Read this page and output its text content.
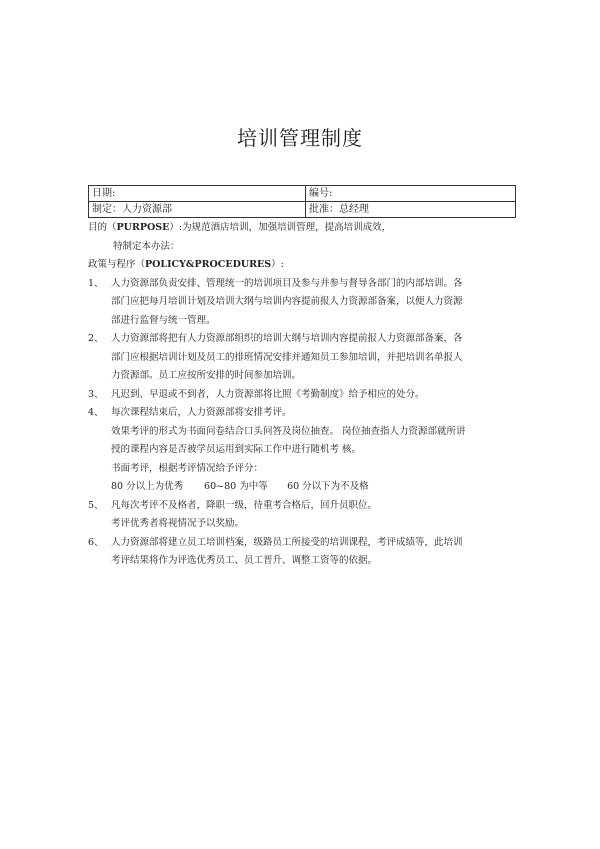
培训管理制度
日期:	编号:
制定：人力资源部	批准：总经理
目的（PURPOSE）:为规范酒店培训，加强培训管理，提高培训成效，
特制定本办法：
政策与程序（POLICY&PROCEDURES）:
1、 人力资源部负责安排、管理统一的培训项目及参与并参与督导各部门的内部培训。各
部门应把每月培训计划及培训大纲与培训内容提前报人力资源部备案，以便人力资源
部进行监督与统一管理。
2、 人力资源部将把有人力资源部组织的培训大纲与培训内容提前报人力资源部备案，各
部门应根据培训计划及员工的排班情况安排并通知员工参加培训，并把培训名单报人
力资源部。员工应按所安排的时间参加培训。
3、 凡迟到、早退或不到者，人力资源部将比照《考勤制度》给予相应的处分。
4、 每次课程结束后，人力资源部将安排考评。
效果考评的形式为书面问卷结合口头问答及岗位抽查。 岗位抽查指人力资源部就所讲
授的课程内容是否被学员运用到实际工作中进行随机考 核。
书面考评，根据考评情况给予评分：
80 分以上为优秀 60~80 为中等 60 分以下为不及格
5、 凡每次考评不及格者，降职一级，待重考合格后，回升员职位。
考评优秀者将视情况予以奖励。
6、 人力资源部将建立员工培训档案，级路员工所接受的培训课程，考评成绩等，此培训
考评结果将作为评选优秀员工、员工晋升、调整工资等的依据。
